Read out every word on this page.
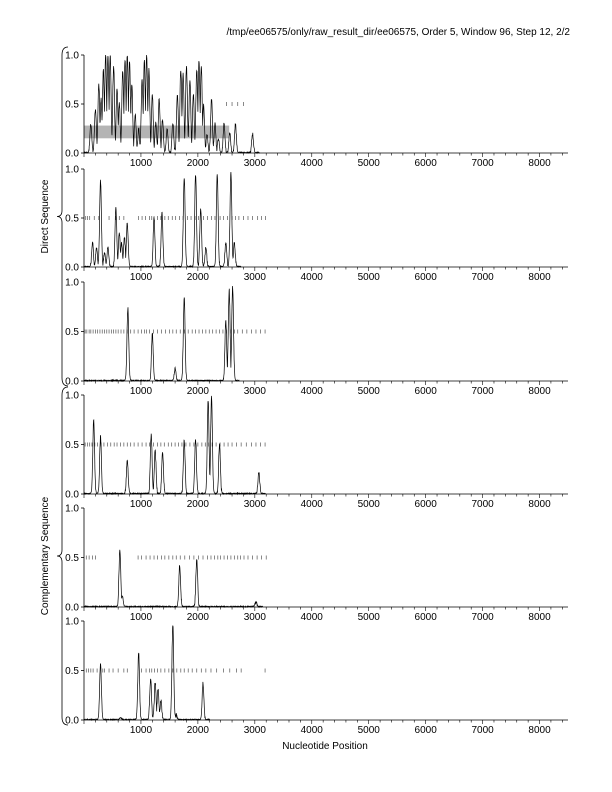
/tmp/ee06575/only/raw_result_dir/ee06575, Order 5, Window 96, Step 12, 2/2
Direct Sequence
Complementary Sequence
0.0
0.5
1.0
1000	2000	3000	4000	5000	6000	7000	8000
0.0
0.5
1.0
1000	2000	3000	4000	5000	6000	7000	8000
0.0
0.5
1.0
1000	2000	3000	4000	5000	6000	7000	8000
0.0
0.5
1.0
1000	2000	3000	4000	5000	6000	7000	8000
0.0
0.5
1.0
1000	2000	3000	4000	5000	6000	7000	8000
0.0
0.5
1.0
1000	2000	3000	4000	5000	6000	7000	8000
Nucleotide Position
